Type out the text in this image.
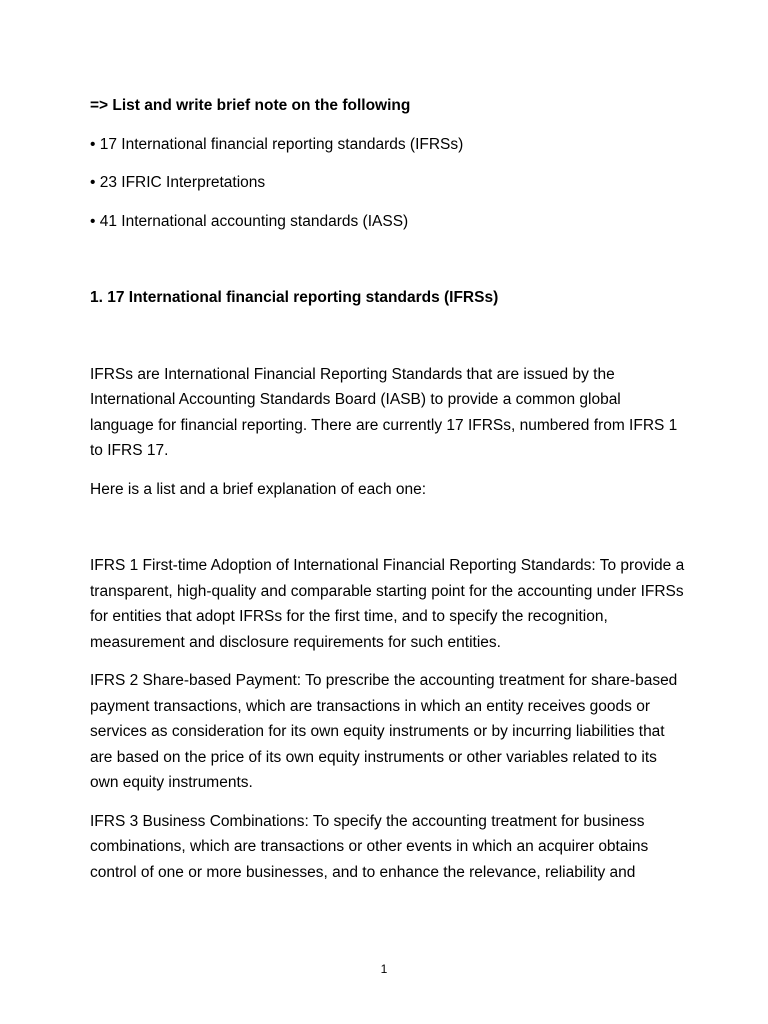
=> List and write brief note on the following

• 17 International financial reporting standards (IFRSs)

• 23 IFRIC Interpretations

• 41 International accounting standards (IASS)

1. 17 International financial reporting standards (IFRSs)

IFRSs are International Financial Reporting Standards that are issued by the International Accounting Standards Board (IASB) to provide a common global language for financial reporting. There are currently 17 IFRSs, numbered from IFRS 1 to IFRS 17.

Here is a list and a brief explanation of each one:

IFRS 1 First-time Adoption of International Financial Reporting Standards: To provide a transparent, high-quality and comparable starting point for the accounting under IFRSs for entities that adopt IFRSs for the first time, and to specify the recognition, measurement and disclosure requirements for such entities.

IFRS 2 Share-based Payment: To prescribe the accounting treatment for share-based payment transactions, which are transactions in which an entity receives goods or services as consideration for its own equity instruments or by incurring liabilities that are based on the price of its own equity instruments or other variables related to its own equity instruments.

IFRS 3 Business Combinations: To specify the accounting treatment for business combinations, which are transactions or other events in which an acquirer obtains control of one or more businesses, and to enhance the relevance, reliability and

1
